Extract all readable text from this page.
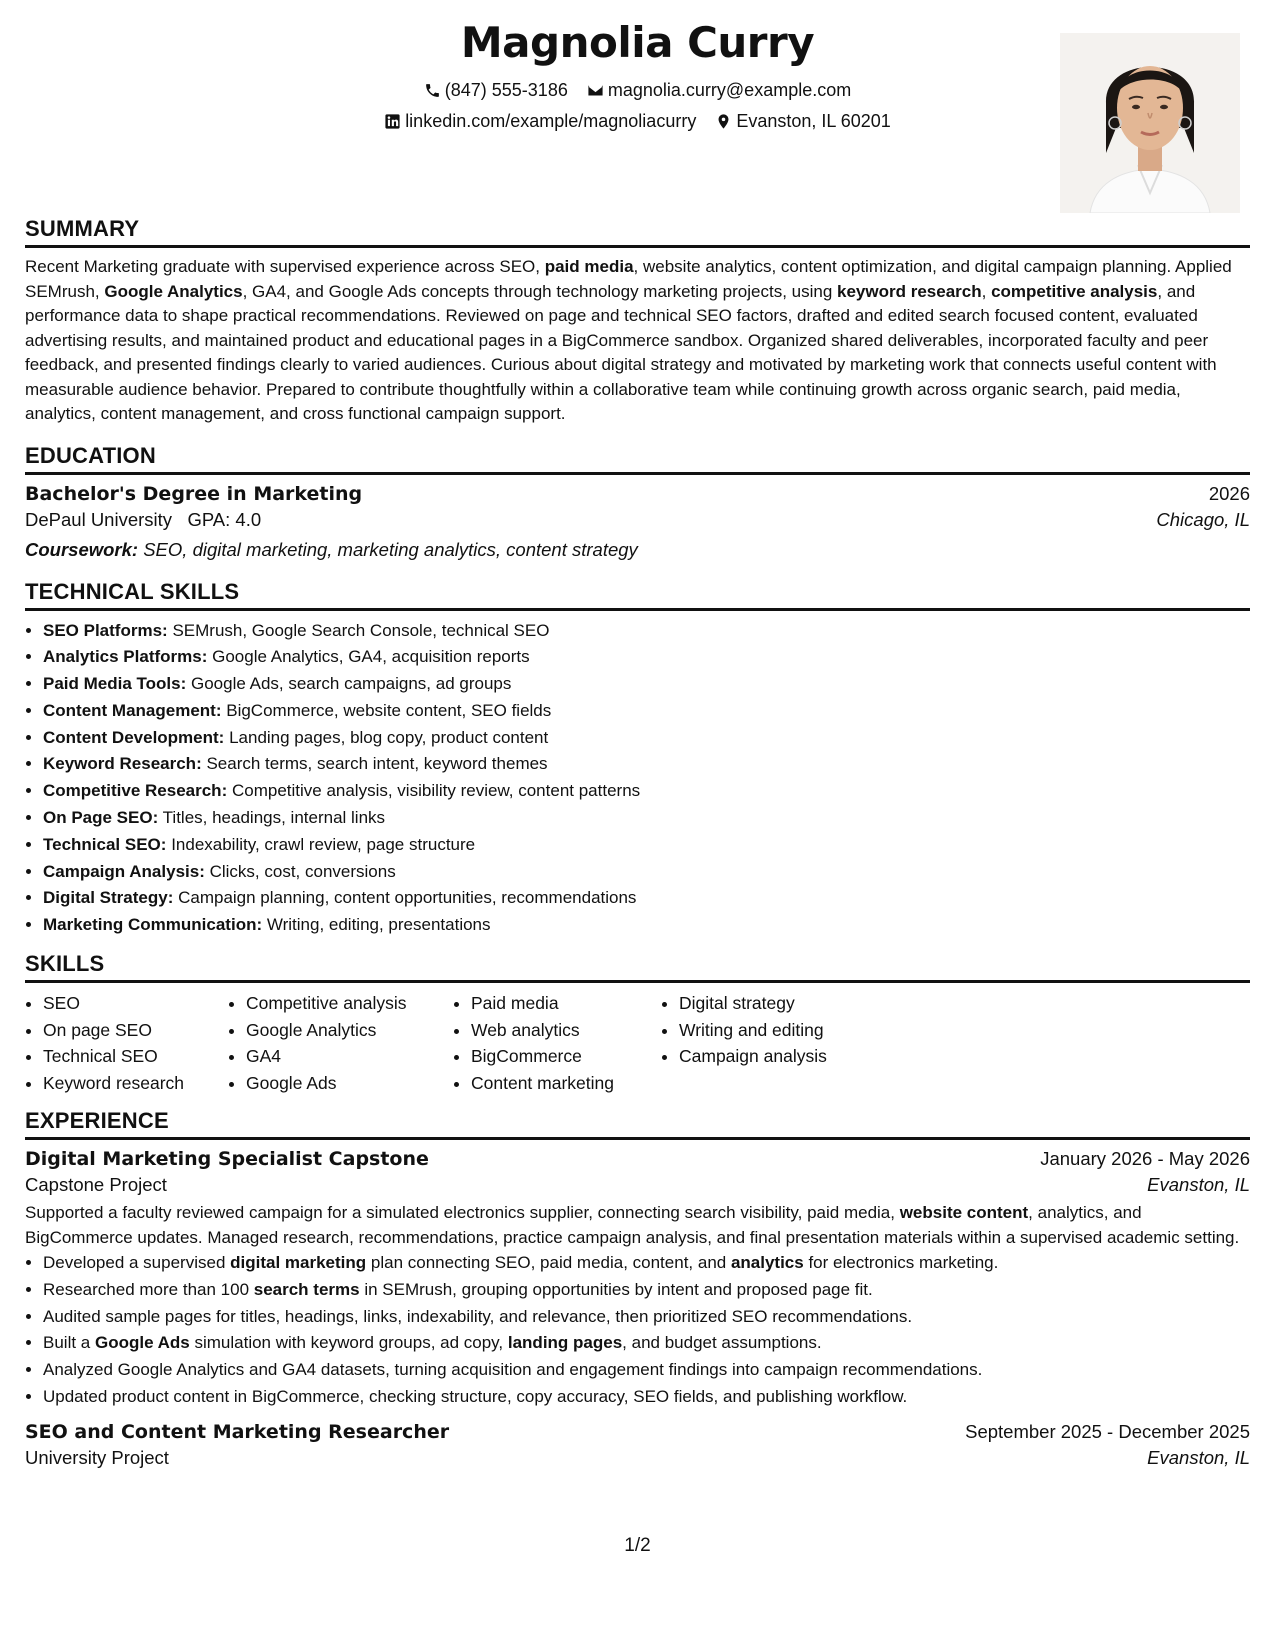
Magnolia Curry
(847) 555-3186
magnolia.curry@example.com
linkedin.com/example/magnoliacurry
Evanston, IL 60201
SUMMARY

Recent Marketing graduate with supervised experience across SEO, paid media, website analytics, content optimization, and digital campaign planning. Applied SEMrush, Google Analytics, GA4, and Google Ads concepts through technology marketing projects, using keyword research, competitive analysis, and performance data to shape practical recommendations. Reviewed on page and technical SEO factors, drafted and edited search focused content, evaluated advertising results, and maintained product and educational pages in a BigCommerce sandbox. Organized shared deliverables, incorporated faculty and peer feedback, and presented findings clearly to varied audiences. Curious about digital strategy and motivated by marketing work that connects useful content with measurable audience behavior. Prepared to contribute thoughtfully within a collaborative team while continuing growth across organic search, paid media, analytics, content management, and cross functional campaign support.

EDUCATION
Bachelor's Degree in Marketing	2026
DePaul University GPA: 4.0	Chicago, IL
Coursework: SEO, digital marketing, marketing analytics, content strategy
TECHNICAL SKILLS
• SEO Platforms: SEMrush, Google Search Console, technical SEO
• Analytics Platforms: Google Analytics, GA4, acquisition reports
• Paid Media Tools: Google Ads, search campaigns, ad groups
• Content Management: BigCommerce, website content, SEO fields
• Content Development: Landing pages, blog copy, product content
• Keyword Research: Search terms, search intent, keyword themes
• Competitive Research: Competitive analysis, visibility review, content patterns
• On Page SEO: Titles, headings, internal links
• Technical SEO: Indexability, crawl review, page structure
• Campaign Analysis: Clicks, cost, conversions
• Digital Strategy: Campaign planning, content opportunities, recommendations
• Marketing Communication: Writing, editing, presentations
SKILLS
• SEO
• On page SEO
• Technical SEO
• Keyword research
• Competitive analysis
• Google Analytics
• GA4
• Google Ads
• Paid media
• Web analytics
• BigCommerce
• Content marketing
• Digital strategy
• Writing and editing
• Campaign analysis
EXPERIENCE
Digital Marketing Specialist Capstone	January 2026 - May 2026
Capstone Project	Evanston, IL

Supported a faculty reviewed campaign for a simulated electronics supplier, connecting search visibility, paid media, website content, analytics, and BigCommerce updates. Managed research, recommendations, practice campaign analysis, and final presentation materials within a supervised academic setting.

• Developed a supervised digital marketing plan connecting SEO, paid media, content, and analytics for electronics marketing.
• Researched more than 100 search terms in SEMrush, grouping opportunities by intent and proposed page fit.
• Audited sample pages for titles, headings, links, indexability, and relevance, then prioritized SEO recommendations.
• Built a Google Ads simulation with keyword groups, ad copy, landing pages, and budget assumptions.
• Analyzed Google Analytics and GA4 datasets, turning acquisition and engagement findings into campaign recommendations.
• Updated product content in BigCommerce, checking structure, copy accuracy, SEO fields, and publishing workflow.
SEO and Content Marketing Researcher	September 2025 - December 2025
University Project	Evanston, IL
1/2
